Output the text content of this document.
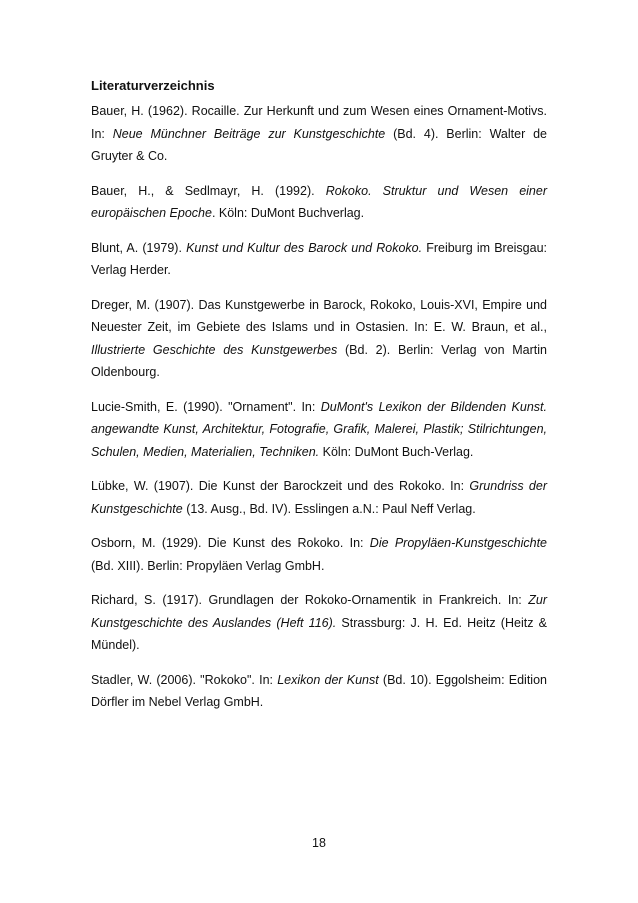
Literaturverzeichnis

Bauer, H. (1962). Rocaille. Zur Herkunft und zum Wesen eines Ornament-Motivs. In: Neue Münchner Beiträge zur Kunstgeschichte (Bd. 4). Berlin: Walter de Gruyter & Co.

Bauer, H., & Sedlmayr, H. (1992). Rokoko. Struktur und Wesen einer europäischen Epoche. Köln: DuMont Buchverlag.

Blunt, A. (1979). Kunst und Kultur des Barock und Rokoko. Freiburg im Breisgau: Verlag Herder.

Dreger, M. (1907). Das Kunstgewerbe in Barock, Rokoko, Louis-XVI, Empire und Neuester Zeit, im Gebiete des Islams und in Ostasien. In: E. W. Braun, et al., Illustrierte Geschichte des Kunstgewerbes (Bd. 2). Berlin: Verlag von Martin Oldenbourg.

Lucie-Smith, E. (1990). "Ornament". In: DuMont's Lexikon der Bildenden Kunst. angewandte Kunst, Architektur, Fotografie, Grafik, Malerei, Plastik; Stilrichtungen, Schulen, Medien, Materialien, Techniken. Köln: DuMont Buch-Verlag.

Lübke, W. (1907). Die Kunst der Barockzeit und des Rokoko. In: Grundriss der Kunstgeschichte (13. Ausg., Bd. IV). Esslingen a.N.: Paul Neff Verlag.

Osborn, M. (1929). Die Kunst des Rokoko. In: Die Propyläen-Kunstgeschichte (Bd. XIII). Berlin: Propyläen Verlag GmbH.

Richard, S. (1917). Grundlagen der Rokoko-Ornamentik in Frankreich. In: Zur Kunstgeschichte des Auslandes (Heft 116). Strassburg: J. H. Ed. Heitz (Heitz & Mündel).

Stadler, W. (2006). "Rokoko". In: Lexikon der Kunst (Bd. 10). Eggolsheim: Edition Dörfler im Nebel Verlag GmbH.

18
